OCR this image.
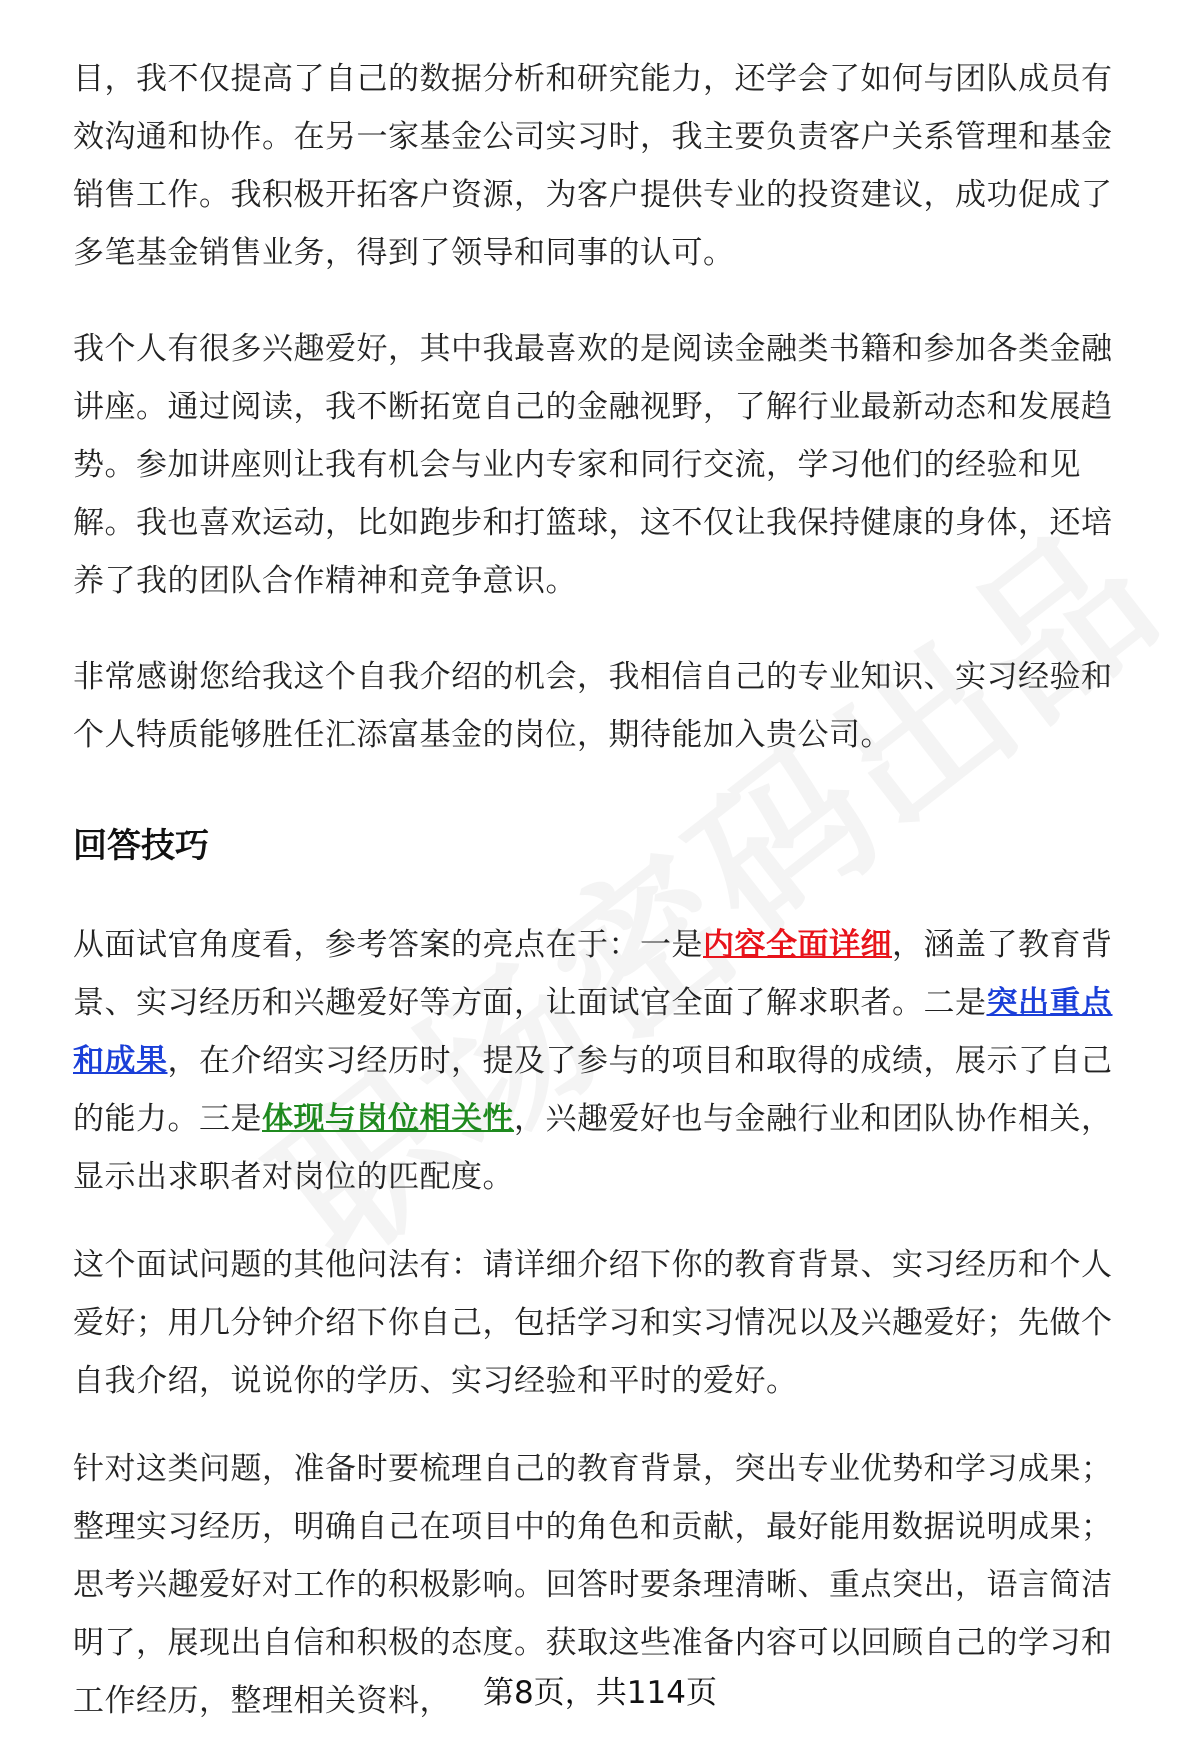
目，我不仅提高了自己的数据分析和研究能力，还学会了如何与团队成员有效沟通和协作。在另一家基金公司实习时，我主要负责客户关系管理和基金销售工作。我积极开拓客户资源，为客户提供专业的投资建议，成功促成了多笔基金销售业务，得到了领导和同事的认可。

我个人有很多兴趣爱好，其中我最喜欢的是阅读金融类书籍和参加各类金融讲座。通过阅读，我不断拓宽自己的金融视野，了解行业最新动态和发展趋势。参加讲座则让我有机会与业内专家和同行交流，学习他们的经验和见解。我也喜欢运动，比如跑步和打篮球，这不仅让我保持健康的身体，还培养了我的团队合作精神和竞争意识。

非常感谢您给我这个自我介绍的机会，我相信自己的专业知识、实习经验和个人特质能够胜任汇添富基金的岗位，期待能加入贵公司。

回答技巧

从面试官角度看，参考答案的亮点在于：一是内容全面详细，涵盖了教育背景、实习经历和兴趣爱好等方面，让面试官全面了解求职者。二是突出重点和成果，在介绍实习经历时，提及了参与的项目和取得的成绩，展示了自己的能力。三是体现与岗位相关性，兴趣爱好也与金融行业和团队协作相关，显示出求职者对岗位的匹配度。

这个面试问题的其他问法有：请详细介绍下你的教育背景、实习经历和个人爱好；用几分钟介绍下你自己，包括学习和实习情况以及兴趣爱好；先做个自我介绍，说说你的学历、实习经验和平时的爱好。

针对这类问题，准备时要梳理自己的教育背景，突出专业优势和学习成果；整理实习经历，明确自己在项目中的角色和贡献，最好能用数据说明成果；思考兴趣爱好对工作的积极影响。回答时要条理清晰、重点突出，语言简洁明了，展现出自信和积极的态度。获取这些准备内容可以回顾自己的学习和工作经历，整理相关资料，	第8页，共114页
